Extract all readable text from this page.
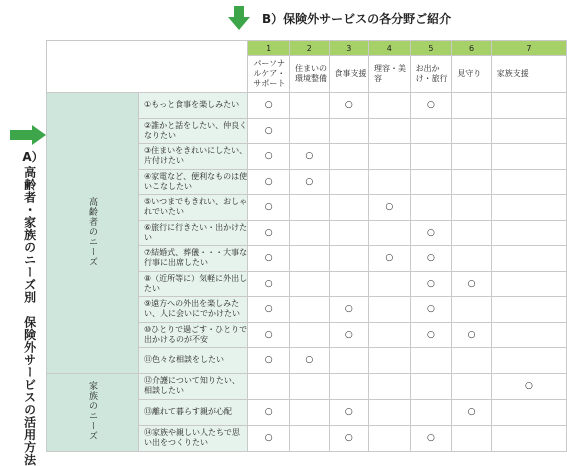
B）保険外サービスの各分野ご紹介
A）
高齢者・家族のニーズ別　保険外サービスの活用方法
		1	2	3	4	5	6	7
		パーソナルケア・サポート	住まいの環境整備	食事支援	理容・美容	お出かけ・旅行	見守り	家族支援
高齢者のニーズ	①もっと食事を楽しみたい	○		○		○		
	②誰かと話をしたい、仲良くなりたい	○						
	③住まいをきれいにしたい、片付けたい	○	○					
	④家電など、便利なものは使いこなしたい	○	○					
	⑤いつまでもきれい、おしゃれでいたい	○			○			
	⑥旅行に行きたい・出かけたい	○				○		
	⑦結婚式、葬儀・・・大事な行事に出席したい	○			○	○		
	⑧（近所等に）気軽に外出したい	○				○	○	
	⑨遠方への外出を楽しみたい、人に会いにでかけたい	○		○		○		
	⑩ひとりで過ごす・ひとりで出かけるのが不安	○		○		○	○	
	⑪色々な相談をしたい	○	○					
家族のニーズ	⑫介護について知りたい、相談したい							○
	⑬離れて暮らす親が心配	○		○			○	
	⑭家族や親しい人たちで思い出をつくりたい	○		○		○		
